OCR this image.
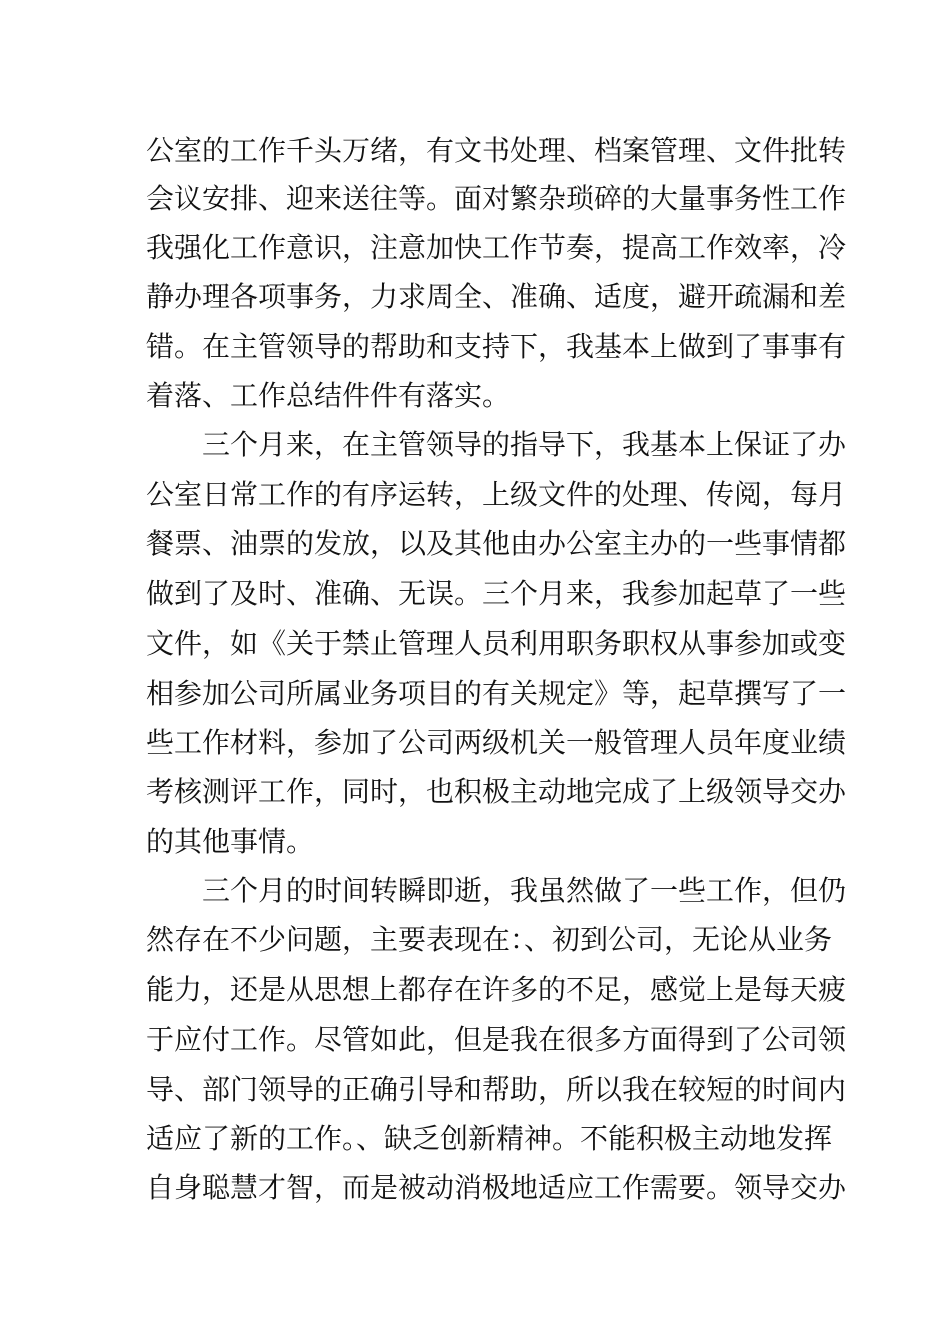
公室的工作千头万绪，有文书处理、档案管理、文件批转
会议安排、迎来送往等。面对繁杂琐碎的大量事务性工作
我强化工作意识，注意加快工作节奏，提高工作效率，冷
静办理各项事务，力求周全、准确、适度，避开疏漏和差
错。在主管领导的帮助和支持下，我基本上做到了事事有
着落、工作总结件件有落实。
三个月来，在主管领导的指导下，我基本上保证了办
公室日常工作的有序运转，上级文件的处理、传阅，每月
餐票、油票的发放，以及其他由办公室主办的一些事情都
做到了及时、准确、无误。三个月来，我参加起草了一些
文件，如《关于禁止管理人员利用职务职权从事参加或变
相参加公司所属业务项目的有关规定》等，起草撰写了一
些工作材料，参加了公司两级机关一般管理人员年度业绩
考核测评工作，同时，也积极主动地完成了上级领导交办
的其他事情。
三个月的时间转瞬即逝，我虽然做了一些工作，但仍
然存在不少问题，主要表现在：、初到公司，无论从业务
能力，还是从思想上都存在许多的不足，感觉上是每天疲
于应付工作。尽管如此，但是我在很多方面得到了公司领
导、部门领导的正确引导和帮助，所以我在较短的时间内
适应了新的工作。、缺乏创新精神。不能积极主动地发挥
自身聪慧才智，而是被动消极地适应工作需要。领导交办
